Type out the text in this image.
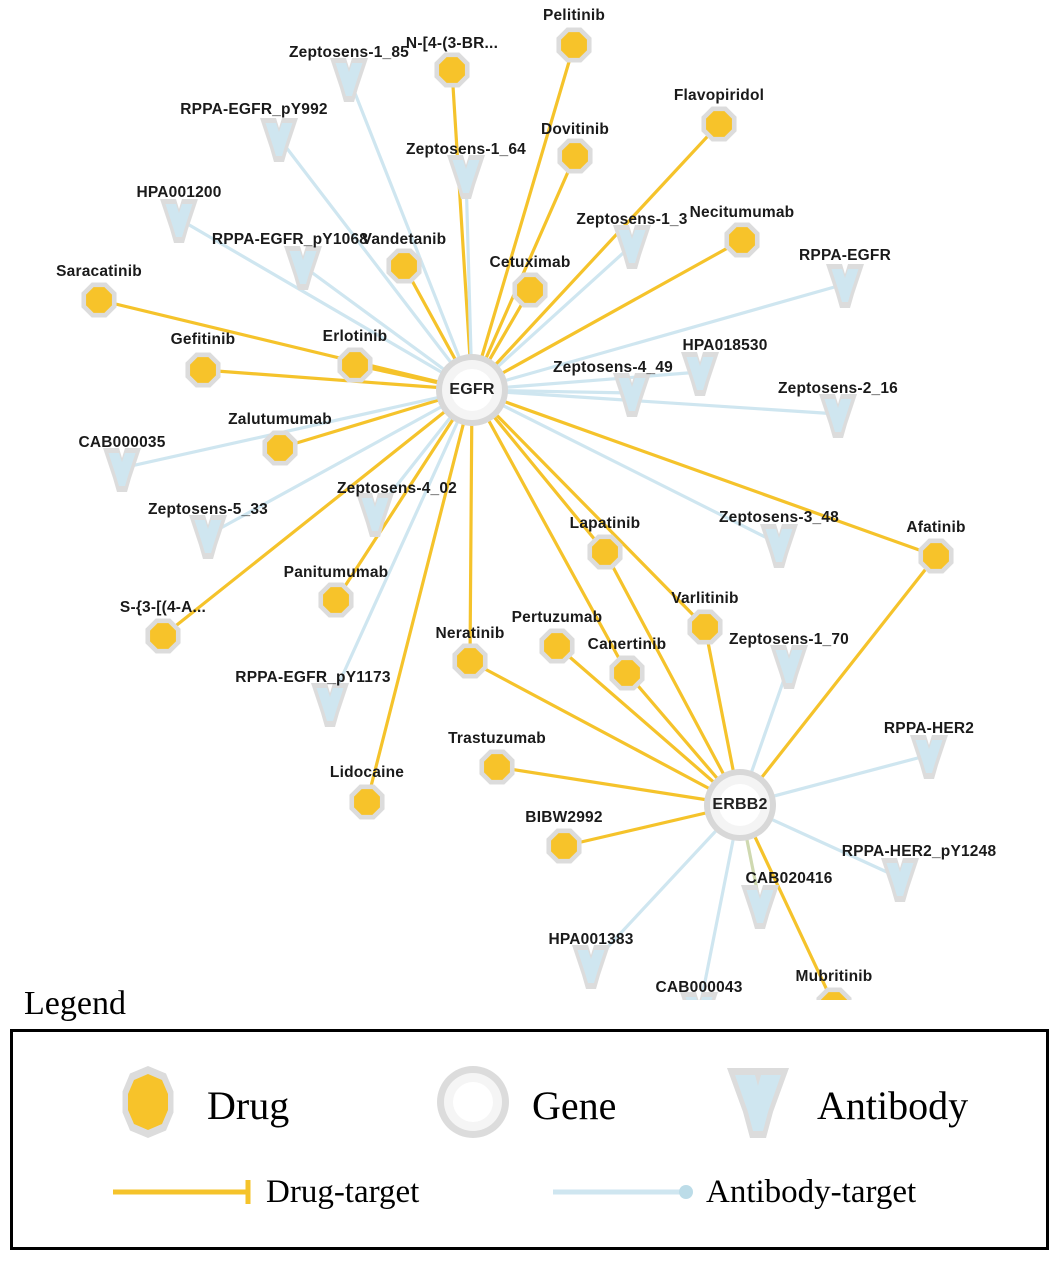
Pelitinib
N-[4-(3-BR...
Flavopiridol
Dovitinib
Necitumumab
Vandetanib
Cetuximab
Saracatinib
Gefitinib	Erlotinib
Zalutumumab
Panitumumab
S-{3-[(4-A...
Lidocaine
Lapatinib
Varlitinib
Afatinib
Pertuzumab
Neratinib
Canertinib
Trastuzumab
BIBW2992
Mubritinib
Zeptosens-1_85
RPPA-EGFR_pY992
Zeptosens-1_64
HPA001200
Zeptosens-1_3
RPPA-EGFR_pY1068
RPPA-EGFR
HPA018530
Zeptosens-4_49
Zeptosens-2_16
CAB000035
Zeptosens-4_02
Zeptosens-5_33	Zeptosens-3_48
RPPA-EGFR_pY1173
Zeptosens-1_70
RPPA-HER2
RPPA-HER2_pY1248
CAB020416
HPA001383
CAB000043
EGFR
ERBB2
Legend
Drug	Gene	Antibody
Drug-target	Antibody-target
